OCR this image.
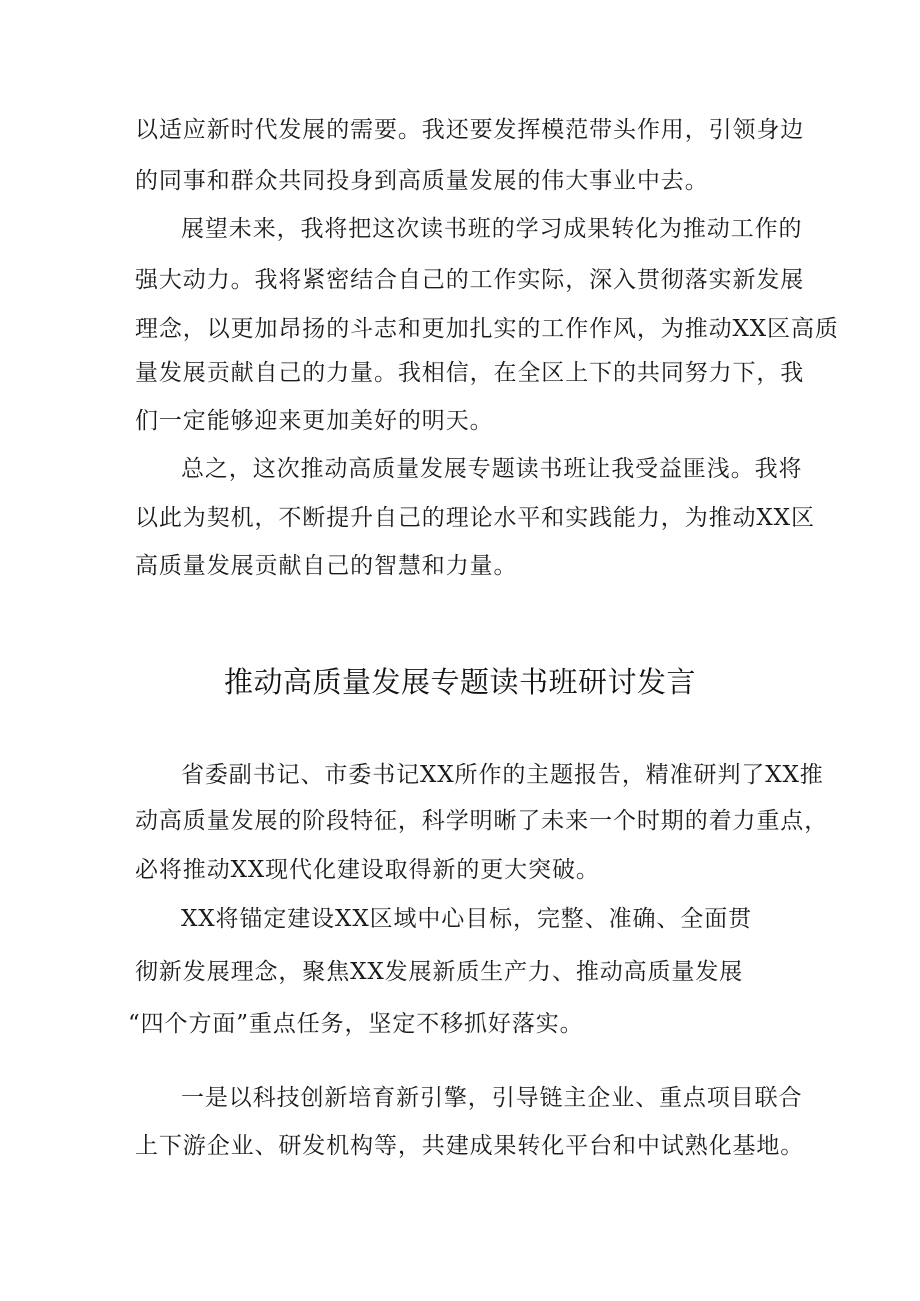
以适应新时代发展的需要。我还要发挥模范带头作用，引领身边
的同事和群众共同投身到高质量发展的伟大事业中去。
展望未来，我将把这次读书班的学习成果转化为推动工作的
强大动力。我将紧密结合自己的工作实际，深入贯彻落实新发展
理念，以更加昂扬的斗志和更加扎实的工作作风，为推动XX区高质
量发展贡献自己的力量。我相信，在全区上下的共同努力下，我
们一定能够迎来更加美好的明天。
总之，这次推动高质量发展专题读书班让我受益匪浅。我将
以此为契机，不断提升自己的理论水平和实践能力，为推动XX区
高质量发展贡献自己的智慧和力量。
推动高质量发展专题读书班研讨发言
省委副书记、市委书记XX所作的主题报告，精准研判了XX推
动高质量发展的阶段特征，科学明晰了未来一个时期的着力重点，
必将推动XX现代化建设取得新的更大突破。
XX将锚定建设XX区域中心目标，完整、准确、全面贯
彻新发展理念，聚焦XX发展新质生产力、推动高质量发展
“四个方面”重点任务，坚定不移抓好落实。
一是以科技创新培育新引擎，引导链主企业、重点项目联合
上下游企业、研发机构等，共建成果转化平台和中试熟化基地。
